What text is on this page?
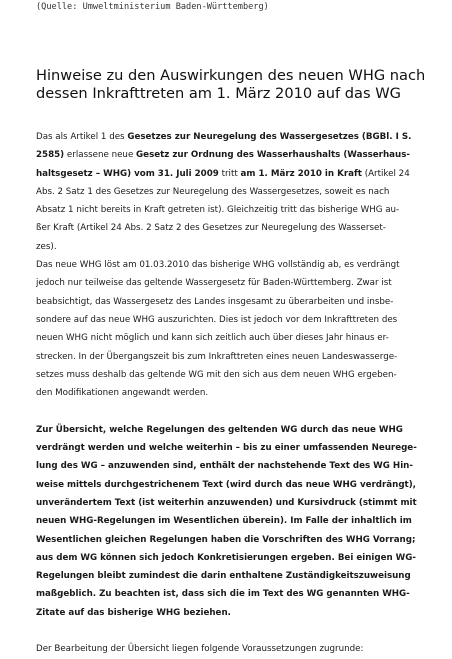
(Quelle: Umweltministerium Baden-Württemberg)
Hinweise zu den Auswirkungen des neuen WHG nach
dessen Inkrafttreten am 1. März 2010 auf das WG
Das als Artikel 1 des Gesetzes zur Neuregelung des Wassergesetzes (BGBl. I S.
2585) erlassene neue Gesetz zur Ordnung des Wasserhaushalts (Wasserhaus-
haltsgesetz – WHG) vom 31. Juli 2009 tritt am 1. März 2010 in Kraft (Artikel 24
Abs. 2 Satz 1 des Gesetzes zur Neuregelung des Wassergesetzes, soweit es nach
Absatz 1 nicht bereits in Kraft getreten ist). Gleichzeitig tritt das bisherige WHG au-
ßer Kraft (Artikel 24 Abs. 2 Satz 2 des Gesetzes zur Neuregelung des Wasserset-
zes).
Das neue WHG löst am 01.03.2010 das bisherige WHG vollständig ab, es verdrängt
jedoch nur teilweise das geltende Wassergesetz für Baden-Württemberg. Zwar ist
beabsichtigt, das Wassergesetz des Landes insgesamt zu überarbeiten und insbe-
sondere auf das neue WHG auszurichten. Dies ist jedoch vor dem Inkrafttreten des
neuen WHG nicht möglich und kann sich zeitlich auch über dieses Jahr hinaus er-
strecken. In der Übergangszeit bis zum Inkrafttreten eines neuen Landeswasserge-
setzes muss deshalb das geltende WG mit den sich aus dem neuen WHG ergeben-
den Modifikationen angewandt werden.
Zur Übersicht, welche Regelungen des geltenden WG durch das neue WHG
verdrängt werden und welche weiterhin – bis zu einer umfassenden Neurege-
lung des WG – anzuwenden sind, enthält der nachstehende Text des WG Hin-
weise mittels durchgestrichenem Text (wird durch das neue WHG verdrängt),
unverändertem Text (ist weiterhin anzuwenden) und Kursivdruck (stimmt mit
neuen WHG-Regelungen im Wesentlichen überein). Im Falle der inhaltlich im
Wesentlichen gleichen Regelungen haben die Vorschriften des WHG Vorrang;
aus dem WG können sich jedoch Konkretisierungen ergeben. Bei einigen WG-
Regelungen bleibt zumindest die darin enthaltene Zuständigkeitszuweisung
maßgeblich. Zu beachten ist, dass sich die im Text des WG genannten WHG-
Zitate auf das bisherige WHG beziehen.
Der Bearbeitung der Übersicht liegen folgende Voraussetzungen zugrunde:
